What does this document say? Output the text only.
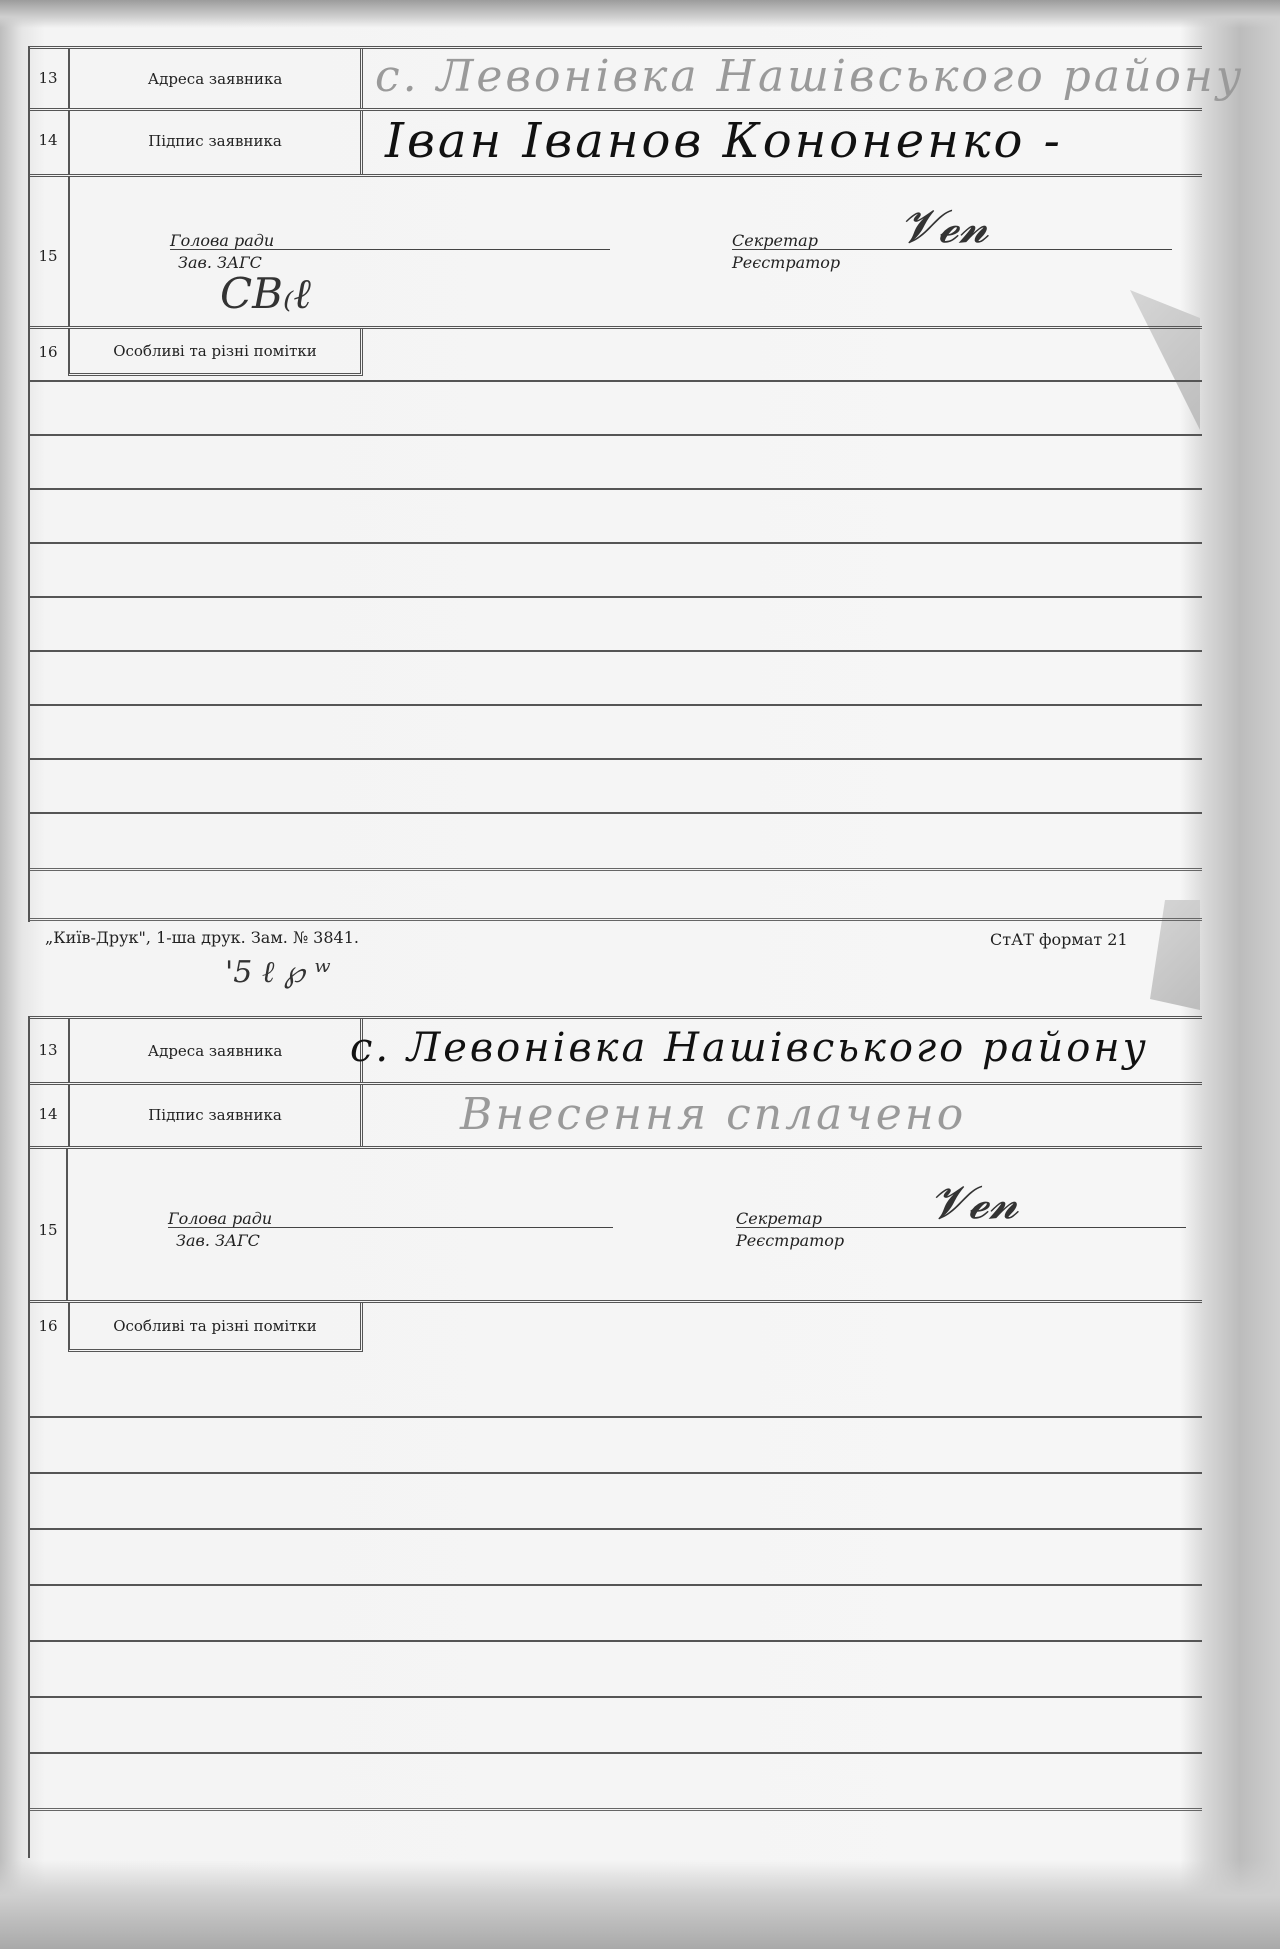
13	Адреса заявника	с. Левонівка Нашівського району
14	Підпис заявника	Іван Іванов Кононенко -
15
Голова ради
Зав. ЗАГС
Секретар
Реєстратор
СВ₍ℓ
𝓥𝓮𝓷
16	Особливі та різні помітки
„Київ-Друк", 1-ша друк. Зам. № 3841.	СтАТ формат 21
'5 ℓ ℘ ʷ
13	Адреса заявника	с. Левонівка Нашівського району
14	Підпис заявника	Внесення сплачено
15
Голова ради
Зав. ЗАГС
Секретар
Реєстратор
𝓥𝓮𝓷
16	Особливі та різні помітки
